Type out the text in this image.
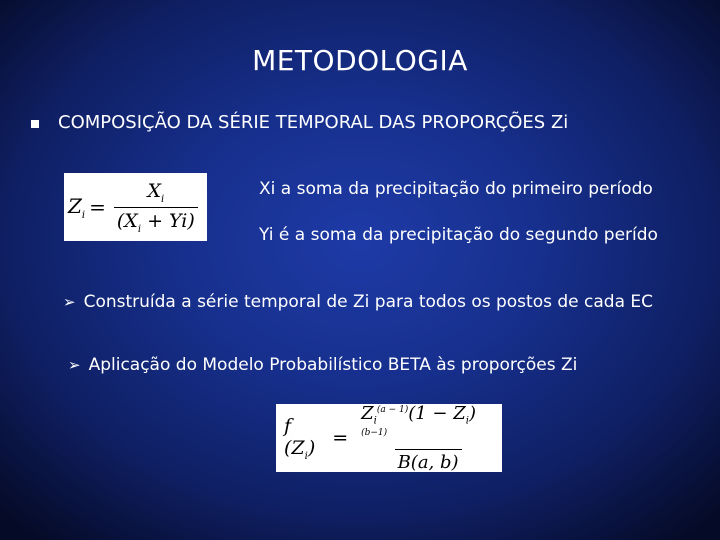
METODOLOGIA
COMPOSIÇÃO DA SÉRIE TEMPORAL DAS PROPORÇÕES Zi
$Z_i = \frac{X_i}{(X_i + Yi)}$	Xi a soma da precipitação do primeiro período
Yi é a soma da precipitação do segundo perído
➢ Construída a série temporal de Zi para todos os postos de cada EC
➢ Aplicação do Modelo Probabilístico BETA às proporções Zi
f $(Z_i) = \frac{Z_i^{(a - 1)}(1 - Z_i)^{(b-1)}}{B(a, b)}$
